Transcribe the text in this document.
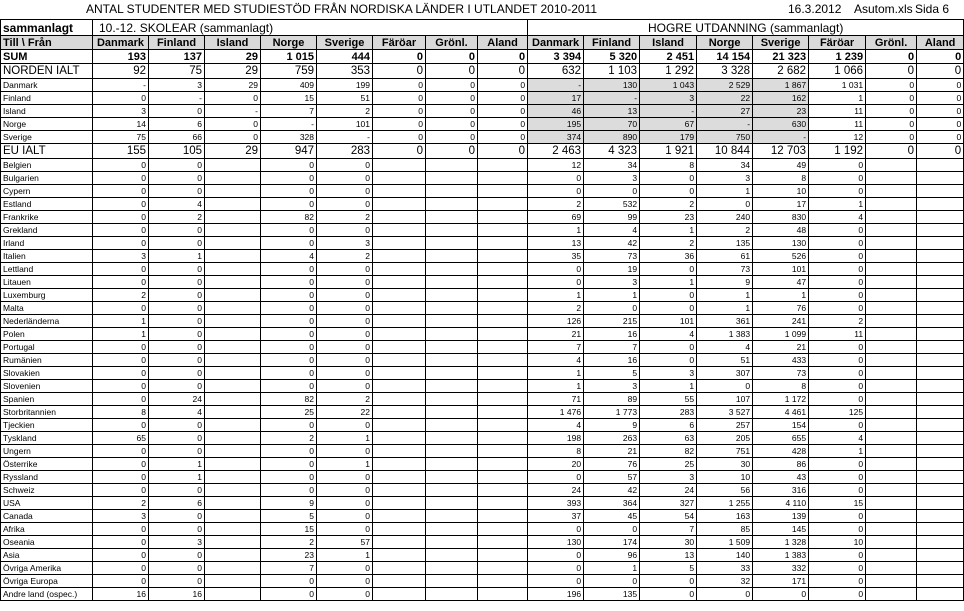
ANTAL STUDENTER MED STUDIESTÖD FRÅN NORDISKA LÄNDER I UTLANDET 2010-2011	16.3.2012 Asutom.xls Sida 6
sammanlagt	10.-12. SKOLEAR (sammanlagt)								HOGRE UTDANNING (sammanlagt)							
Till \ Från	Danmark	Finland	Island	Norge	Sverige	Färöar	Grönl.	Aland	Danmark	Finland	Island	Norge	Sverige	Färöar	Grönl.	Aland
SUM	193	137	29	1 015	444	0	0	0	3 394	5 320	2 451	14 154	21 323	1 239	0	0
NORDEN IALT	92	75	29	759	353	0	0	0	632	1 103	1 292	3 328	2 682	1 066	0	0
Danmark	-	3	29	409	199	0	0	0	-	130	1 043	2 529	1 867	1 031	0	0
Finland	0	-	0	15	51	0	0	0	17	-	3	22	162	1	0	0
Island	3	0	-	7	2	0	0	0	46	13	-	27	23	11	0	0
Norge	14	6	0	-	101	0	0	0	195	70	67	-	630	11	0	0
Sverige	75	66	0	328	-	0	0	0	374	890	179	750	-	12	0	0
EU IALT	155	105	29	947	283	0	0	0	2 463	4 323	1 921	10 844	12 703	1 192	0	0
Belgien	0	0		0	0				12	34	8	34	49	0		
Bulgarien	0	0		0	0				0	3	0	3	8	0		
Cypern	0	0		0	0				0	0	0	1	10	0		
Estland	0	4		0	0				2	532	2	0	17	1		
Frankrike	0	2		82	2				69	99	23	240	830	4		
Grekland	0	0		0	0				1	4	1	2	48	0		
Irland	0	0		0	3				13	42	2	135	130	0		
Italien	3	1		4	2				35	73	36	61	526	0		
Lettland	0	0		0	0				0	19	0	73	101	0		
Litauen	0	0		0	0				0	3	1	9	47	0		
Luxemburg	2	0		0	0				1	1	0	1	1	0		
Malta	0	0		0	0				2	0	0	1	76	0		
Nederländerna	1	0		0	0				126	215	101	361	241	2		
Polen	1	0		0	0				21	16	4	1 383	1 099	11		
Portugal	0	0		0	0				7	7	0	4	21	0		
Rumänien	0	0		0	0				4	16	0	51	433	0		
Slovakien	0	0		0	0				1	5	3	307	73	0		
Slovenien	0	0		0	0				1	3	1	0	8	0		
Spanien	0	24		82	2				71	89	55	107	1 172	0		
Storbritannien	8	4		25	22				1 476	1 773	283	3 527	4 461	125		
Tjeckien	0	0		0	0				4	9	6	257	154	0		
Tyskland	65	0		2	1				198	263	63	205	655	4		
Ungern	0	0		0	0				8	21	82	751	428	1		
Österrike	0	1		0	1				20	76	25	30	86	0		
Ryssland	0	1		0	0				0	57	3	10	43	0		
Schweiz	0	0		0	0				24	42	24	56	316	0		
USA	2	6		9	0				393	364	327	1 255	4 110	15		
Canada	3	0		5	0				37	45	54	163	139	0		
Afrika	0	0		15	0				0	0	7	85	145	0		
Oseania	0	3		2	57				130	174	30	1 509	1 328	10		
Asia	0	0		23	1				0	96	13	140	1 383	0		
Övriga Amerika	0	0		7	0				0	1	5	33	332	0		
Övriga Europa	0	0		0	0				0	0	0	32	171	0		
Andre land (ospec.)	16	16		0	0				196	135	0	0	0	0		
